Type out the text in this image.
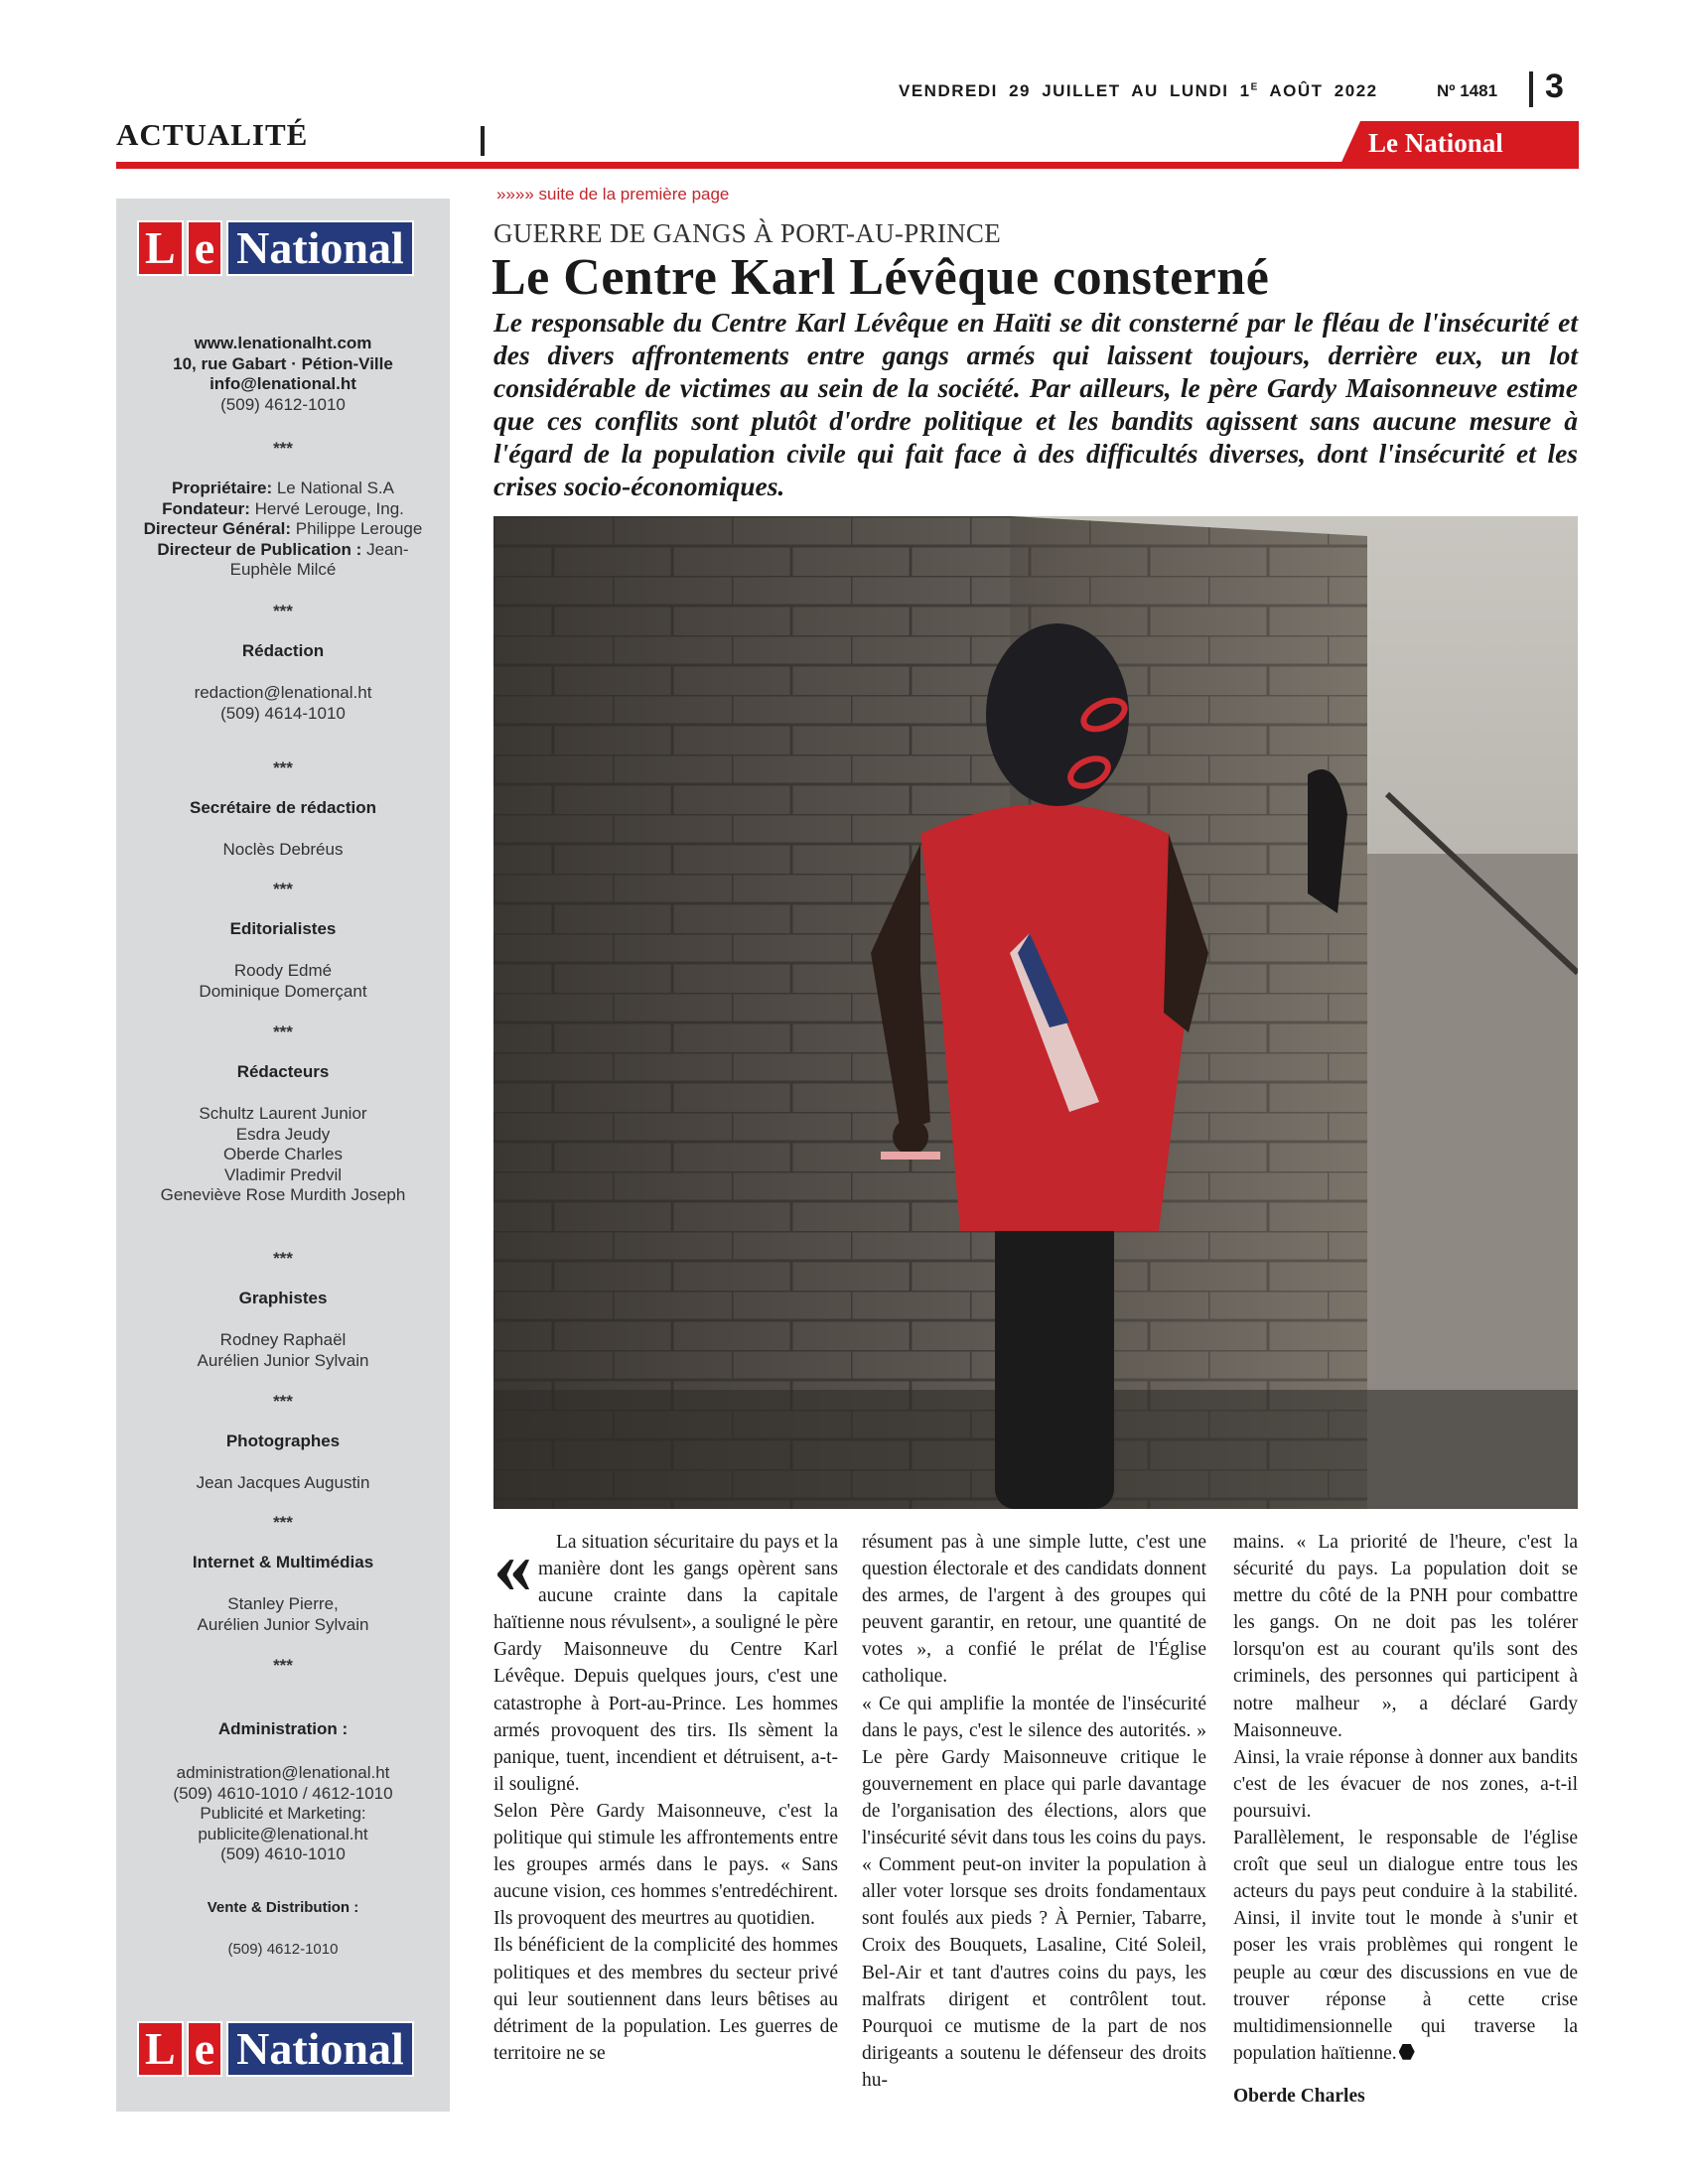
VENDREDI 29 JUILLET AU LUNDI $1^E$ AOÛT 2022	Nº 1481 3
ACTUALITÉ	Le National
L e National
www.lenationalht.com
10, rue Gabart · Pétion-Ville
info@lenational.ht
(509) 4612-1010
***
Propriétaire: Le National S.A
Fondateur: Hervé Lerouge, Ing.
Directeur Général: Philippe Lerouge
Directeur de Publication : Jean-Euphèle Milcé
***
Rédaction
redaction@lenational.ht
(509) 4614-1010
***
Secrétaire de rédaction
Noclès Debréus
***
Editorialistes
Roody Edmé
Dominique Domerçant
***
Rédacteurs
Schultz Laurent Junior
Esdra Jeudy
Oberde Charles
Vladimir Predvil
Geneviève Rose Murdith Joseph
***
Graphistes
Rodney Raphaël
Aurélien Junior Sylvain
***
Photographes
Jean Jacques Augustin
***
Internet & Multimédias
Stanley Pierre,
Aurélien Junior Sylvain
***
Administration :
administration@lenational.ht
(509) 4610-1010 / 4612-1010
Publicité et Marketing:
publicite@lenational.ht
(509) 4610-1010
Vente & Distribution :
(509) 4612-1010
L e National
»»»» suite de la première page
GUERRE DE GANGS À PORT-AU-PRINCE
Le Centre Karl Lévêque consterné
Le responsable du Centre Karl Lévêque en Haïti se dit consterné par le fléau de l'insécurité et des divers affrontements entre gangs armés qui laissent toujours, derrière eux, un lot considérable de victimes au sein de la société. Par ailleurs, le père Gardy Maisonneuve estime que ces conflits sont plutôt d'ordre politique et les bandits agissent sans aucune mesure à l'égard de la population civile qui fait face à des difficultés diverses, dont l'insécurité et les crises socio-économiques.

« La situation sécuritaire du pays et la manière dont les gangs opèrent sans aucune crainte dans la capitale haïtienne nous révulsent», a souligné le père Gardy Maisonneuve du Centre Karl Lévêque. Depuis quelques jours, c'est une catastrophe à Port-au-Prince. Les hommes armés provoquent des tirs. Ils sèment la panique, tuent, incendient et détruisent, a-t-il souligné.

Selon Père Gardy Maisonneuve, c'est la politique qui stimule les affrontements entre les groupes armés dans le pays. « Sans aucune vision, ces hommes s'entredéchirent. Ils provoquent des meurtres au quotidien.

Ils bénéficient de la complicité des hommes politiques et des membres du secteur privé qui leur soutiennent dans leurs bêtises au détriment de la population. Les guerres de territoire ne se

résument pas à une simple lutte, c'est une question électorale et des candidats donnent des armes, de l'argent à des groupes qui peuvent garantir, en retour, une quantité de votes », a confié le prélat de l'Église catholique.

« Ce qui amplifie la montée de l'insécurité dans le pays, c'est le silence des autorités. » Le père Gardy Maisonneuve critique le gouvernement en place qui parle davantage de l'organisation des élections, alors que l'insécurité sévit dans tous les coins du pays.

« Comment peut-on inviter la population à aller voter lorsque ses droits fondamentaux sont foulés aux pieds ? À Pernier, Tabarre, Croix des Bouquets, Lasaline, Cité Soleil, Bel-Air et tant d'autres coins du pays, les malfrats dirigent et contrôlent tout. Pourquoi ce mutisme de la part de nos dirigeants a soutenu le défenseur des droits hu-

mains. « La priorité de l'heure, c'est la sécurité du pays. La population doit se mettre du côté de la PNH pour combattre les gangs. On ne doit pas les tolérer lorsqu'on est au courant qu'ils sont des criminels, des personnes qui participent à notre malheur », a déclaré Gardy Maisonneuve.

Ainsi, la vraie réponse à donner aux bandits c'est de les évacuer de nos zones, a-t-il poursuivi.

Parallèlement, le responsable de l'église croît que seul un dialogue entre tous les acteurs du pays peut conduire à la stabilité. Ainsi, il invite tout le monde à s'unir et poser les vrais problèmes qui rongent le peuple au cœur des discussions en vue de trouver réponse à cette crise multidimensionnelle qui traverse la population haïtienne.

Oberde Charles
